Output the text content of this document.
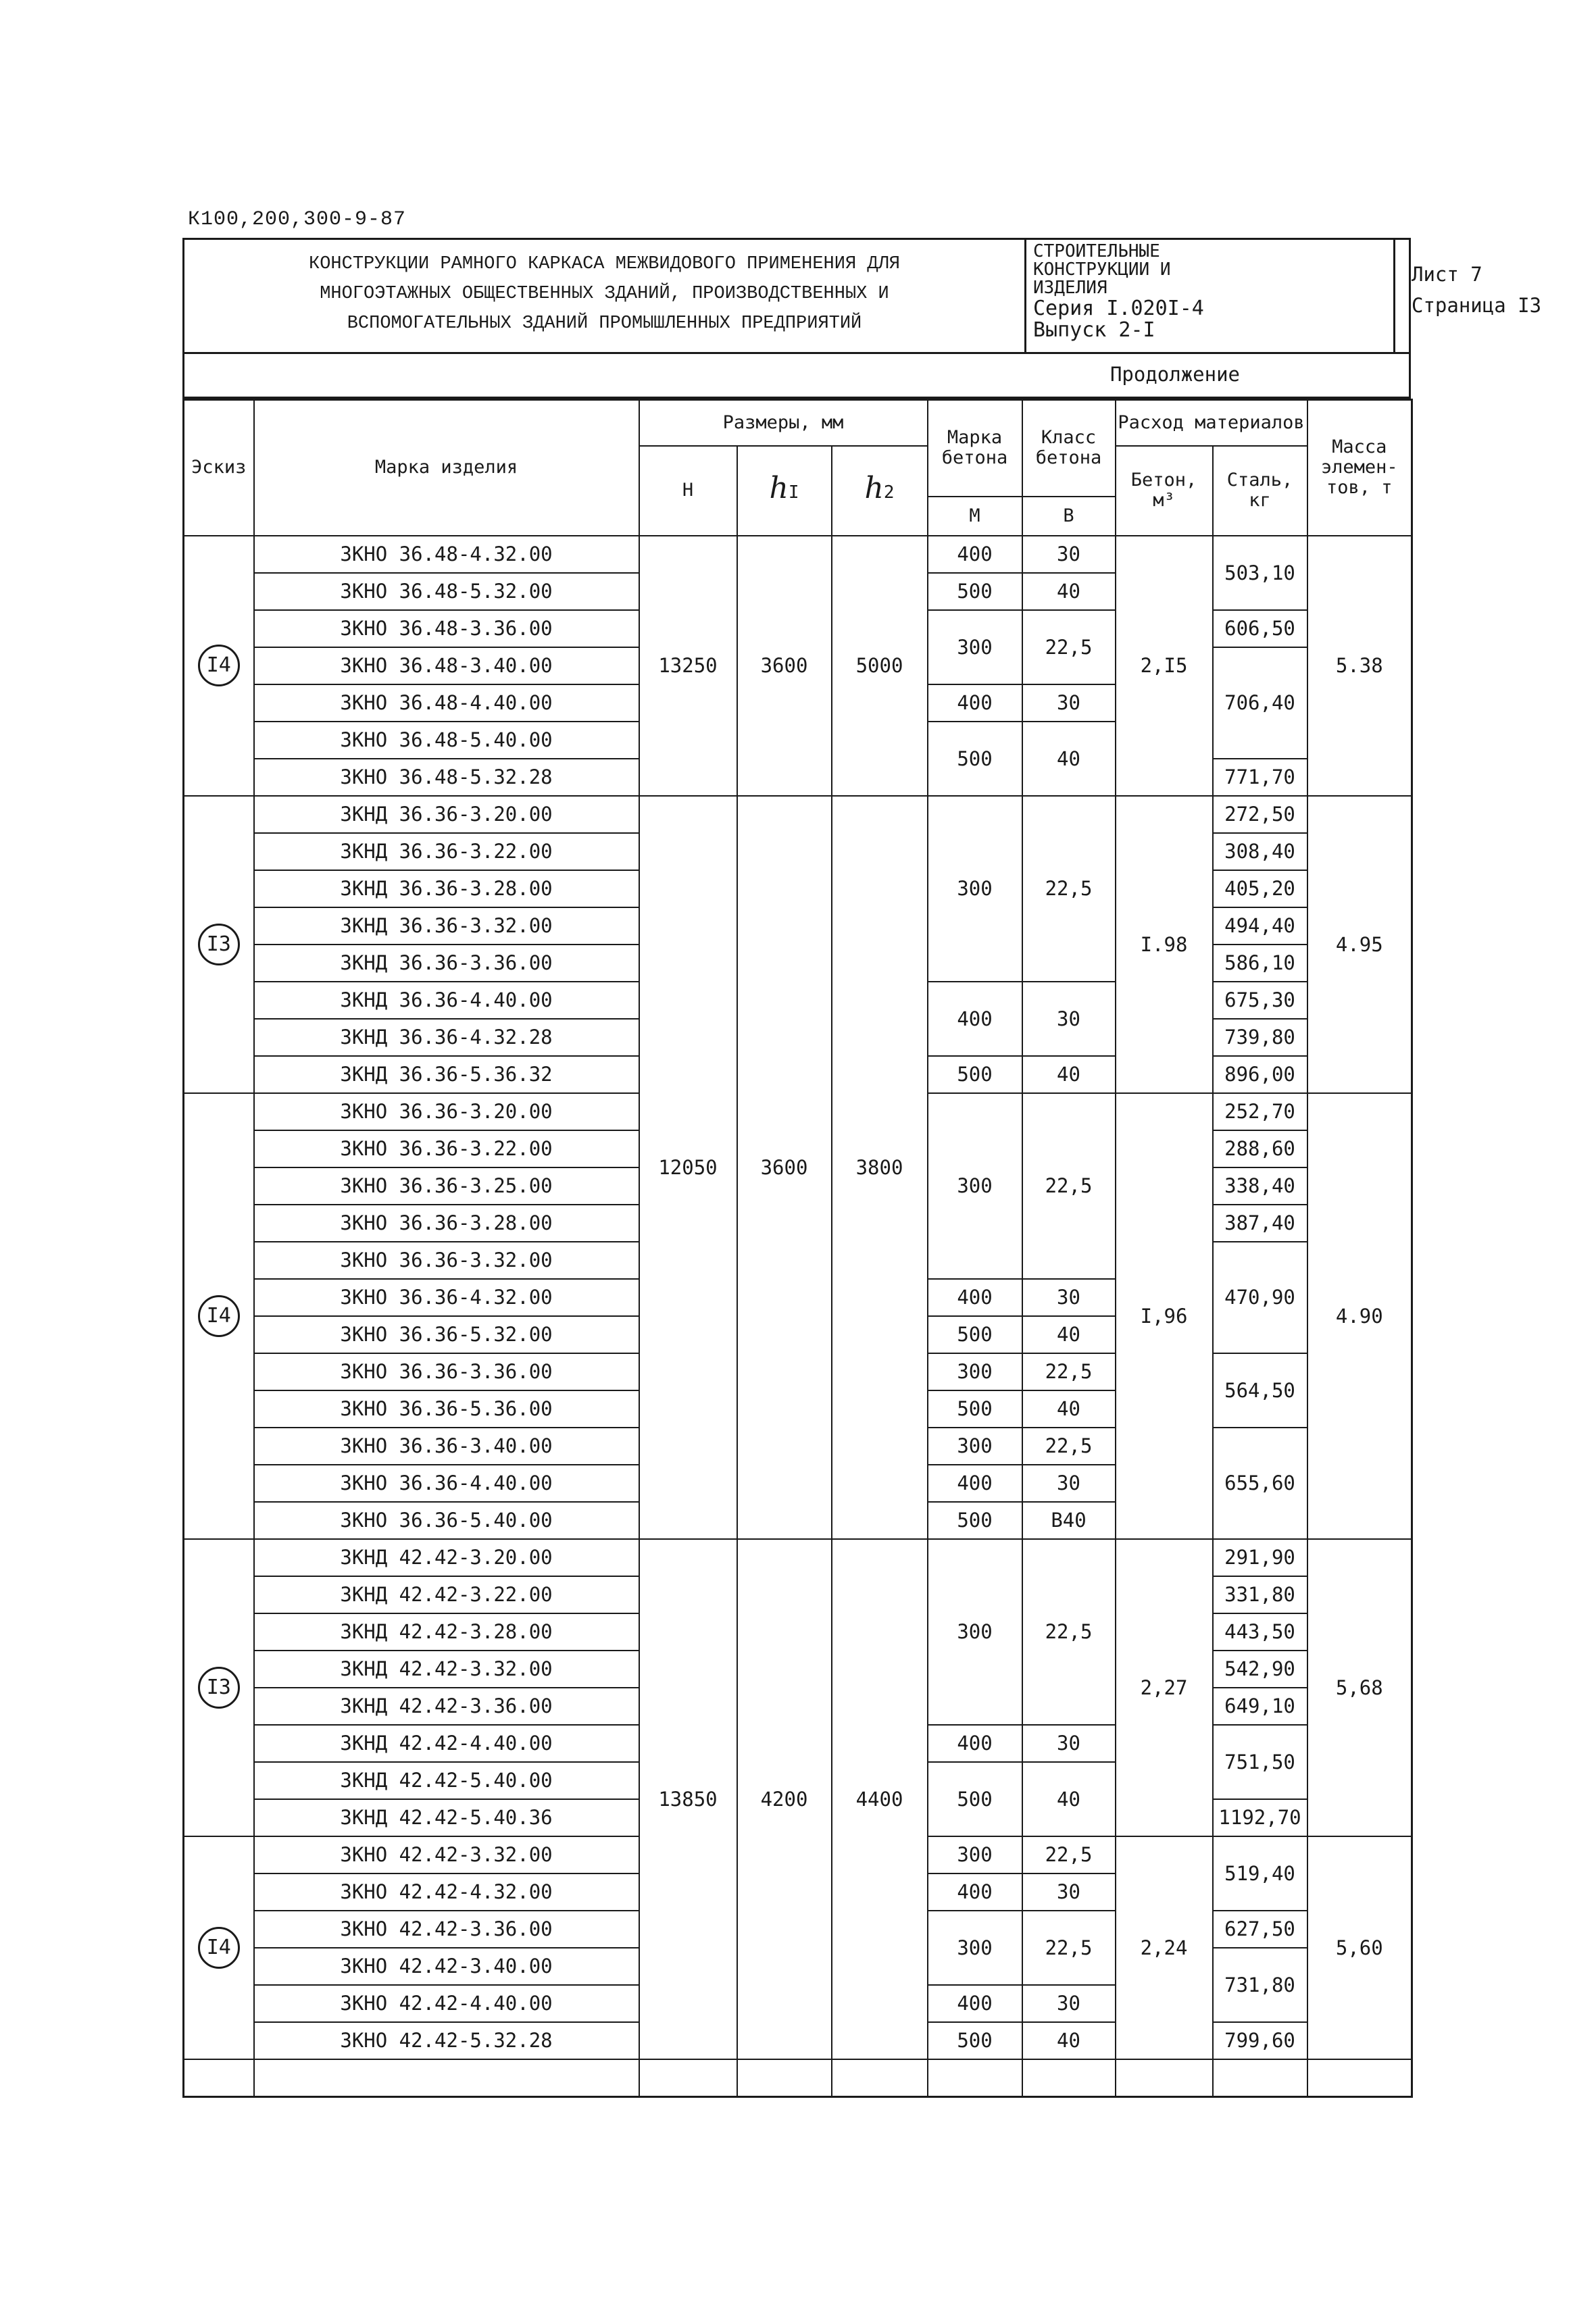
К100,200,300-9-87
КОНСТРУКЦИИ РАМНОГО КАРКАСА МЕЖВИДОВОГО ПРИМЕНЕНИЯ ДЛЯ
МНОГОЭТАЖНЫХ ОБЩЕСТВЕННЫХ ЗДАНИЙ, ПРОИЗВОДСТВЕННЫХ И
ВСПОМОГАТЕЛЬНЫХ ЗДАНИЙ ПРОМЫШЛЕННЫХ ПРЕДПРИЯТИЙ
СТРОИТЕЛЬНЫЕ
КОНСТРУКЦИИ И
ИЗДЕЛИЯ
Серия I.020I-4
Выпуск 2-I
Лист 7
Страница I3
Продолжение
Эскиз	Марка изделия	Размеры, мм			Марка бетона	Класс бетона	Расход материалов		Масса элемен-тов, т
		Н	hI	h2			Бетон, м³	Сталь, кг	
					М	В			
I4	ЗКНО 36.48-4.32.00	13250	3600	5000	400	30	2,I5	503,10	5.38
	ЗКНО 36.48-5.32.00				500	40			
	ЗКНО 36.48-3.36.00				300	22,5		606,50	
	ЗКНО 36.48-3.40.00							706,40	
	ЗКНО 36.48-4.40.00				400	30			
	ЗКНО 36.48-5.40.00				500	40			
	ЗКНО 36.48-5.32.28							771,70	
I3	ЗКНД 36.36-3.20.00	12050	3600	3800	300	22,5	I.98	272,50	4.95
	ЗКНД 36.36-3.22.00							308,40	
	ЗКНД 36.36-3.28.00							405,20	
	ЗКНД 36.36-3.32.00							494,40	
	ЗКНД 36.36-3.36.00							586,10	
	ЗКНД 36.36-4.40.00				400	30		675,30	
	ЗКНД 36.36-4.32.28							739,80	
	ЗКНД 36.36-5.36.32				500	40		896,00	
I4	ЗКНО 36.36-3.20.00				300	22,5	I,96	252,70	4.90
	ЗКНО 36.36-3.22.00							288,60	
	ЗКНО 36.36-3.25.00							338,40	
	ЗКНО 36.36-3.28.00							387,40	
	ЗКНО 36.36-3.32.00							470,90	
	ЗКНО 36.36-4.32.00				400	30			
	ЗКНО 36.36-5.32.00				500	40			
	ЗКНО 36.36-3.36.00				300	22,5		564,50	
	ЗКНО 36.36-5.36.00				500	40			
	ЗКНО 36.36-3.40.00				300	22,5		655,60	
	ЗКНО 36.36-4.40.00				400	30			
	ЗКНО 36.36-5.40.00				500	В40			
I3	ЗКНД 42.42-3.20.00	13850	4200	4400	300	22,5	2,27	291,90	5,68
	ЗКНД 42.42-3.22.00							331,80	
	ЗКНД 42.42-3.28.00							443,50	
	ЗКНД 42.42-3.32.00							542,90	
	ЗКНД 42.42-3.36.00							649,10	
	ЗКНД 42.42-4.40.00				400	30		751,50	
	ЗКНД 42.42-5.40.00				500	40			
	ЗКНД 42.42-5.40.36							1192,70	
I4	ЗКНО 42.42-3.32.00				300	22,5	2,24	519,40	5,60
	ЗКНО 42.42-4.32.00				400	30			
	ЗКНО 42.42-3.36.00				300	22,5		627,50	
	ЗКНО 42.42-3.40.00							731,80	
	ЗКНО 42.42-4.40.00				400	30			
	ЗКНО 42.42-5.32.28				500	40		799,60	
